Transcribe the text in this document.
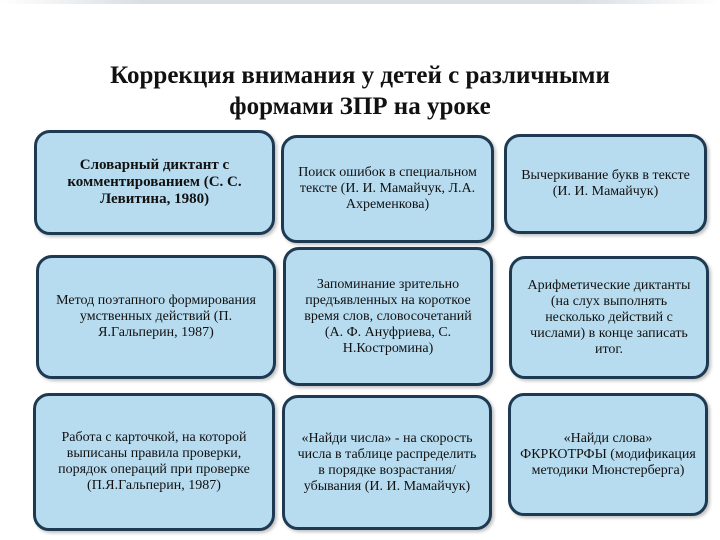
Коррекция внимания у детей с различными
формами ЗПР на уроке
Словарный диктант с комментированием (С. С. Левитина, 1980)
Поиск ошибок в специальном тексте (И. И. Мамайчук, Л.А. Ахременкова)
Вычеркивание букв в тексте (И. И. Мамайчук)
Метод поэтапного формирования умственных действий (П. Я.Гальперин, 1987)
Запоминание зрительно предъявленных на короткое время слов, словосочетаний (А. Ф. Ануфриева, С. Н.Костромина)
Арифметические диктанты (на слух выполнять несколько действий с числами) в конце записать итог.
Работа с карточкой, на которой выписаны правила проверки, порядок операций при проверке (П.Я.Гальперин, 1987)
«Найди числа» - на скорость числа в таблице распределить в порядке возрастания/убывания (И. И. Мамайчук)
«Найди слова» ФКРКОТРФЫ (модификация методики Мюнстерберга)
